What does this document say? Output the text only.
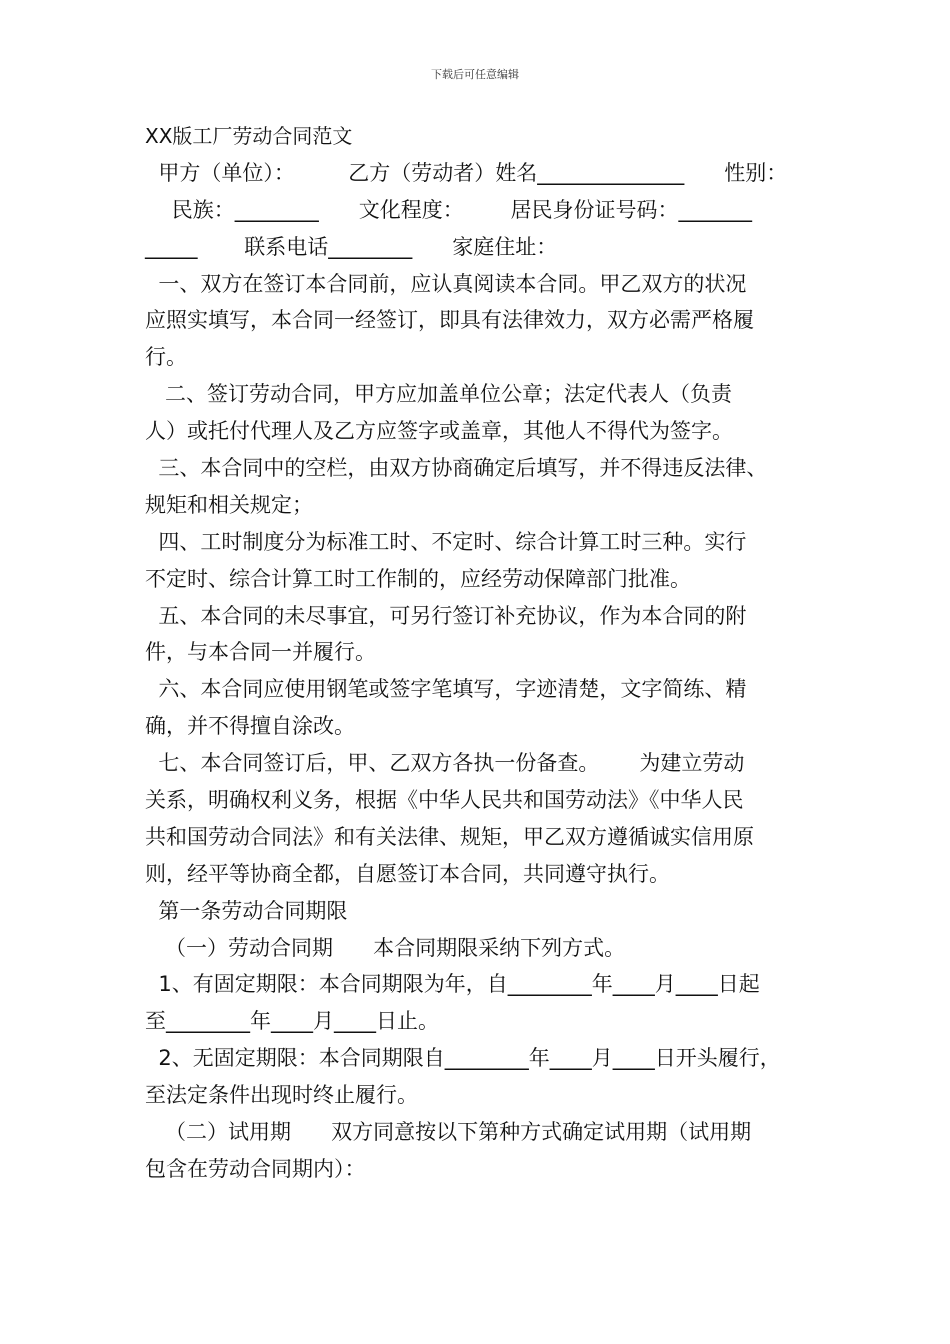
下载后可任意编辑
XX版工厂劳动合同范文
甲方（单位）：        乙方（劳动者）姓名______________      性别：
民族：________      文化程度：       居民身份证号码：_______
_____       联系电话________      家庭住址：
一、双方在签订本合同前，应认真阅读本合同。甲乙双方的状况
应照实填写，本合同一经签订，即具有法律效力，双方必需严格履
行。
二、签订劳动合同，甲方应加盖单位公章；法定代表人（负责
人）或托付代理人及乙方应签字或盖章，其他人不得代为签字。
三、本合同中的空栏，由双方协商确定后填写，并不得违反法律、
规矩和相关规定；
四、工时制度分为标准工时、不定时、综合计算工时三种。实行
不定时、综合计算工时工作制的，应经劳动保障部门批准。
五、本合同的未尽事宜，可另行签订补充协议，作为本合同的附
件，与本合同一并履行。
六、本合同应使用钢笔或签字笔填写，字迹清楚，文字简练、精
确，并不得擅自涂改。
七、本合同签订后，甲、乙双方各执一份备查。      为建立劳动
关系，明确权利义务，根据《中华人民共和国劳动法》《中华人民
共和国劳动合同法》和有关法律、规矩，甲乙双方遵循诚实信用原
则，经平等协商全都，自愿签订本合同，共同遵守执行。
第一条劳动合同期限
（一）劳动合同期      本合同期限采纳下列方式。
1、有固定期限：本合同期限为年，自________年____月____日起
至________年____月____日止。
2、无固定期限：本合同期限自________年____月____日开头履行，
至法定条件出现时终止履行。
（二）试用期      双方同意按以下第种方式确定试用期（试用期
包含在劳动合同期内）：
